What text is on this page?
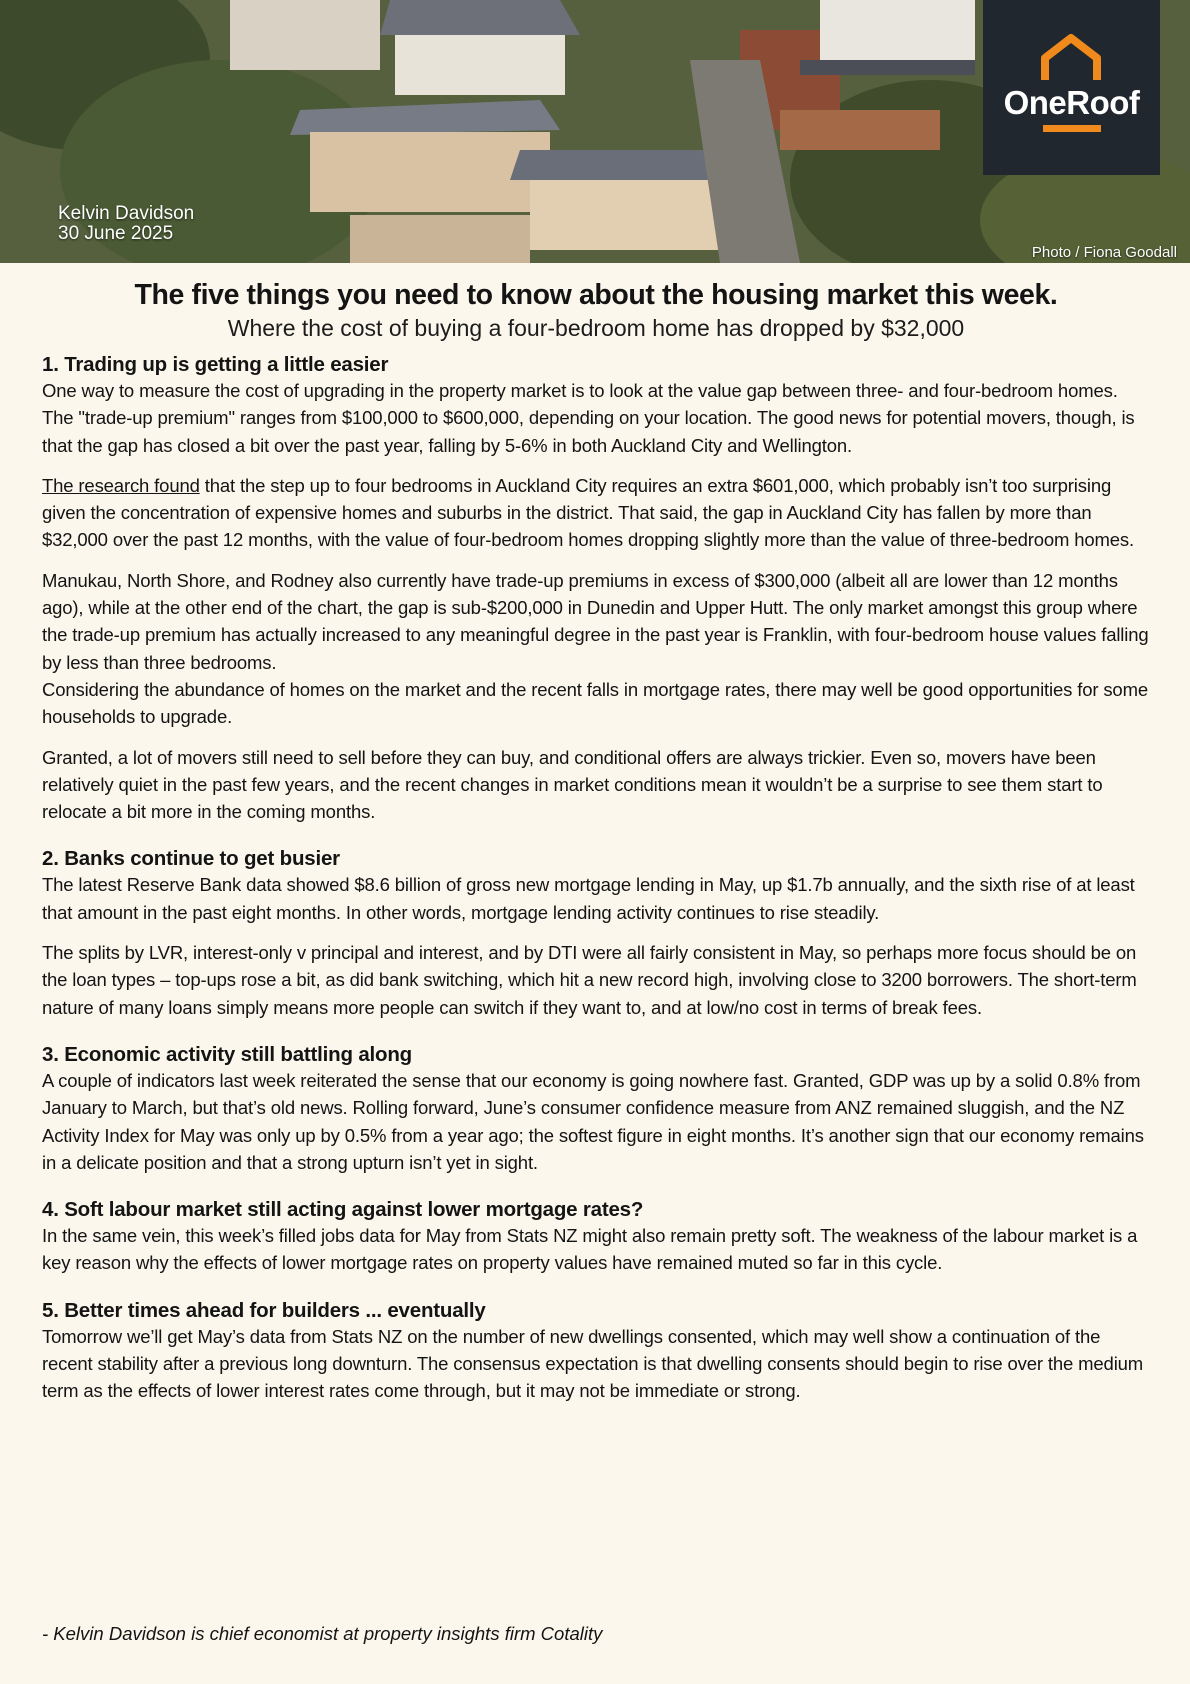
Kelvin Davidson
30 June 2025
Photo / Fiona Goodall
OneRoof
The five things you need to know about the housing market this week.
Where the cost of buying a four-bedroom home has dropped by $32,000
1. Trading up is getting a little easier

One way to measure the cost of upgrading in the property market is to look at the value gap between three- and four-bedroom homes. The "trade-up premium" ranges from $100,000 to $600,000, depending on your location. The good news for potential movers, though, is that the gap has closed a bit over the past year, falling by 5-6% in both Auckland City and Wellington.

The research found that the step up to four bedrooms in Auckland City requires an extra $601,000, which probably isn’t too surprising given the concentration of expensive homes and suburbs in the district. That said, the gap in Auckland City has fallen by more than $32,000 over the past 12 months, with the value of four-bedroom homes dropping slightly more than the value of three-bedroom homes.

Manukau, North Shore, and Rodney also currently have trade-up premiums in excess of $300,000 (albeit all are lower than 12 months ago), while at the other end of the chart, the gap is sub-$200,000 in Dunedin and Upper Hutt. The only market amongst this group where the trade-up premium has actually increased to any meaningful degree in the past year is Franklin, with four-bedroom house values falling by less than three bedrooms.

Considering the abundance of homes on the market and the recent falls in mortgage rates, there may well be good opportunities for some households to upgrade.

Granted, a lot of movers still need to sell before they can buy, and conditional offers are always trickier. Even so, movers have been relatively quiet in the past few years, and the recent changes in market conditions mean it wouldn’t be a surprise to see them start to relocate a bit more in the coming months.

2. Banks continue to get busier

The latest Reserve Bank data showed $8.6 billion of gross new mortgage lending in May, up $1.7b annually, and the sixth rise of at least that amount in the past eight months. In other words, mortgage lending activity continues to rise steadily.

The splits by LVR, interest-only v principal and interest, and by DTI were all fairly consistent in May, so perhaps more focus should be on the loan types – top-ups rose a bit, as did bank switching, which hit a new record high, involving close to 3200 borrowers. The short-term nature of many loans simply means more people can switch if they want to, and at low/no cost in terms of break fees.

3. Economic activity still battling along

A couple of indicators last week reiterated the sense that our economy is going nowhere fast. Granted, GDP was up by a solid 0.8% from January to March, but that’s old news. Rolling forward, June’s consumer confidence measure from ANZ remained sluggish, and the NZ Activity Index for May was only up by 0.5% from a year ago; the softest figure in eight months. It’s another sign that our economy remains in a delicate position and that a strong upturn isn’t yet in sight.

4. Soft labour market still acting against lower mortgage rates?

In the same vein, this week’s filled jobs data for May from Stats NZ might also remain pretty soft. The weakness of the labour market is a key reason why the effects of lower mortgage rates on property values have remained muted so far in this cycle.

5. Better times ahead for builders ... eventually

Tomorrow we’ll get May’s data from Stats NZ on the number of new dwellings consented, which may well show a continuation of the recent stability after a previous long downturn. The consensus expectation is that dwelling consents should begin to rise over the medium term as the effects of lower interest rates come through, but it may not be immediate or strong.

- Kelvin Davidson is chief economist at property insights firm Cotality
